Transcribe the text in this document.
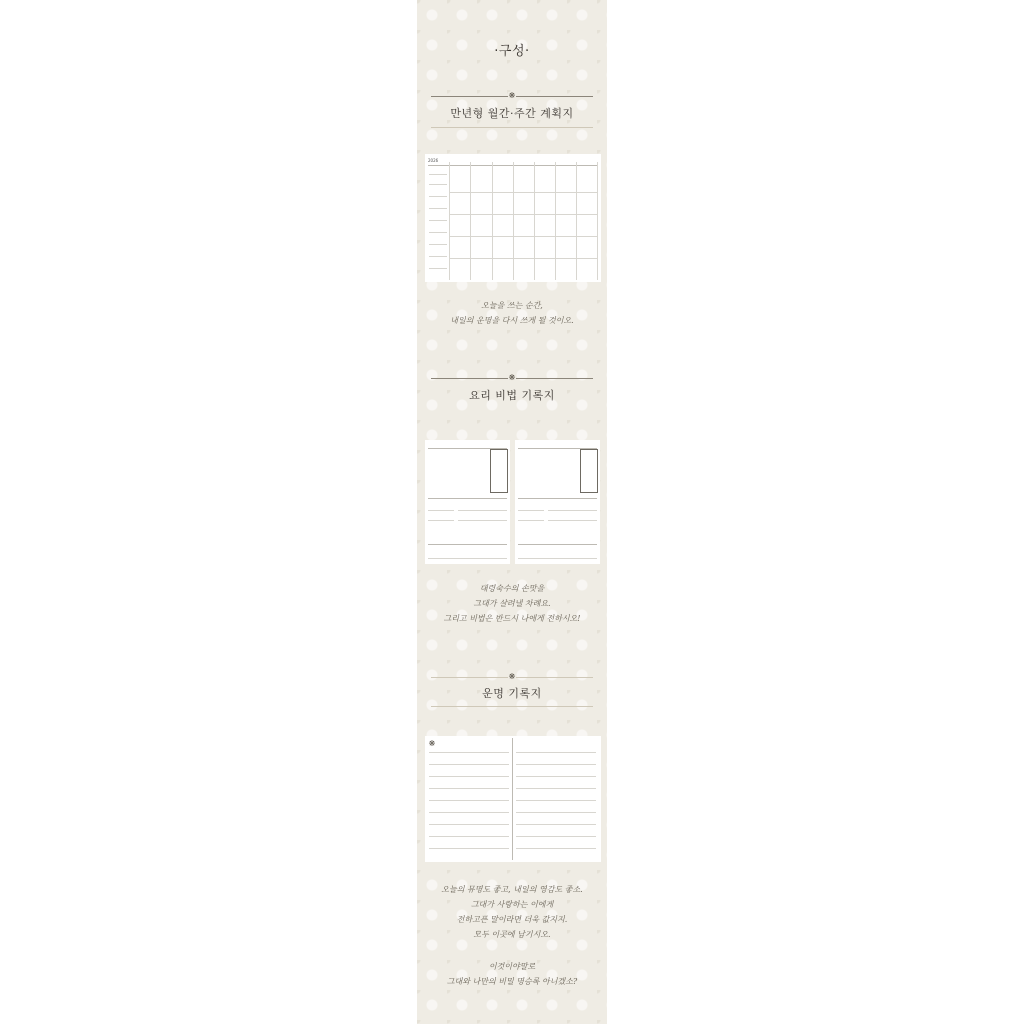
·구성·
❋
만년형 월간·주간 계획지
2026
오늘을 쓰는 순간,
내일의 운명을 다시 쓰게 될 것이오.
❋
요리 비법 기록지
대령숙수의 손맛을
그대가 살려낼 차례요.
그리고 비법은 반드시 나에게 전하시오!
❋
운명 기록지
❋
오늘의 뮤명도 좋고, 내일의 영감도 좋소.
그대가 사랑하는 이에게
전하고픈 말이라면 더욱 값지지.
모두 이곳에 남기시오.
이것이야말로
그대와 나만의 비밀 명승록 아니겠소?
